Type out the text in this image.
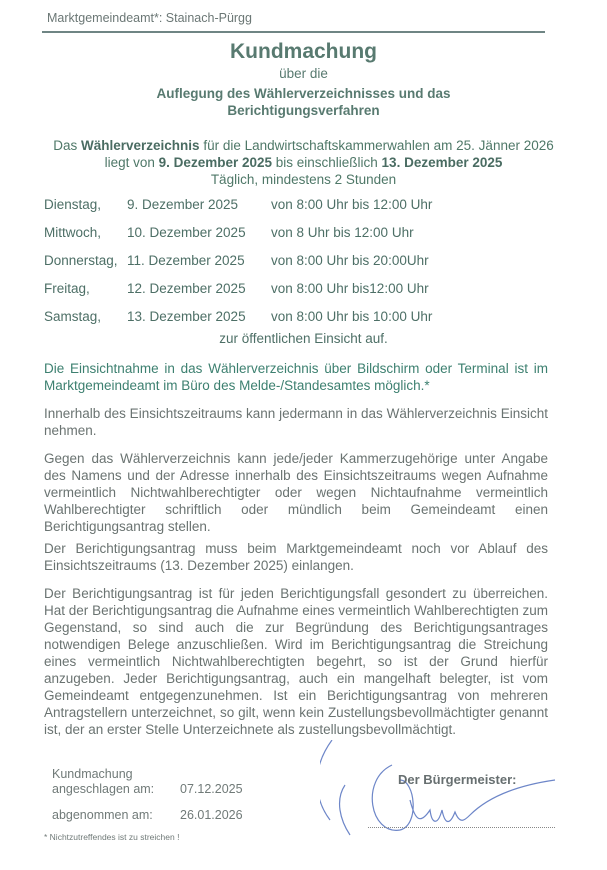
Marktgemeindeamt*: Stainach-Pürgg
Kundmachung
über die
Auflegung des Wählerverzeichnisses und das
Berichtigungsverfahren
Das Wählerverzeichnis für die Landwirtschaftskammerwahlen am 25. Jänner 2026 liegt von 9. Dezember 2025 bis einschließlich 13. Dezember 2025
Täglich, mindestens 2 Stunden
Dienstag, 9. Dezember 2025 von 8:00 Uhr bis 12:00 Uhr
Mittwoch, 10. Dezember 2025 von 8 Uhr bis 12:00 Uhr
Donnerstag, 11. Dezember 2025 von 8:00 Uhr bis 20:00Uhr
Freitag,	12. Dezember 2025 von 8:00 Uhr bis12:00 Uhr
Samstag, 13. Dezember 2025 von 8:00 Uhr bis 10:00 Uhr
zur öffentlichen Einsicht auf.
Die Einsichtnahme in das Wählerverzeichnis über Bildschirm oder Terminal ist im Marktgemeindeamt im Büro des Melde-/Standesamtes möglich.*
Innerhalb des Einsichtszeitraums kann jedermann in das Wählerverzeichnis Einsicht nehmen.
Gegen das Wählerverzeichnis kann jede/jeder Kammerzugehörige unter Angabe des Namens und der Adresse innerhalb des Einsichtszeitraums wegen Aufnahme vermeintlich Nichtwahlberechtigter oder wegen Nichtaufnahme vermeintlich Wahlberechtigter schriftlich oder mündlich beim Gemeindeamt einen Berichtigungsantrag stellen.
Der Berichtigungsantrag muss beim Marktgemeindeamt noch vor Ablauf des Einsichtszeitraums (13. Dezember 2025) einlangen.
Der Berichtigungsantrag ist für jeden Berichtigungsfall gesondert zu überreichen. Hat der Berichtigungsantrag die Aufnahme eines vermeintlich Wahlberechtigten zum Gegenstand, so sind auch die zur Begründung des Berichtigungsantrages notwendigen Belege anzuschließen. Wird im Berichtigungsantrag die Streichung eines vermeintlich Nichtwahlberechtigten begehrt, so ist der Grund hierfür anzugeben. Jeder Berichtigungsantrag, auch ein mangelhaft belegter, ist vom Gemeindeamt entgegenzunehmen. Ist ein Berichtigungsantrag von mehreren Antragstellern unterzeichnet, so gilt, wenn kein Zustellungsbevollmächtigter genannt ist, der an erster Stelle Unterzeichnete als zustellungsbevollmächtigt.
Kundmachung
angeschlagen am: 07.12.2025
abgenommen am: 26.01.2026
* Nichtzutreffendes ist zu streichen !
Der Bürgermeister:
